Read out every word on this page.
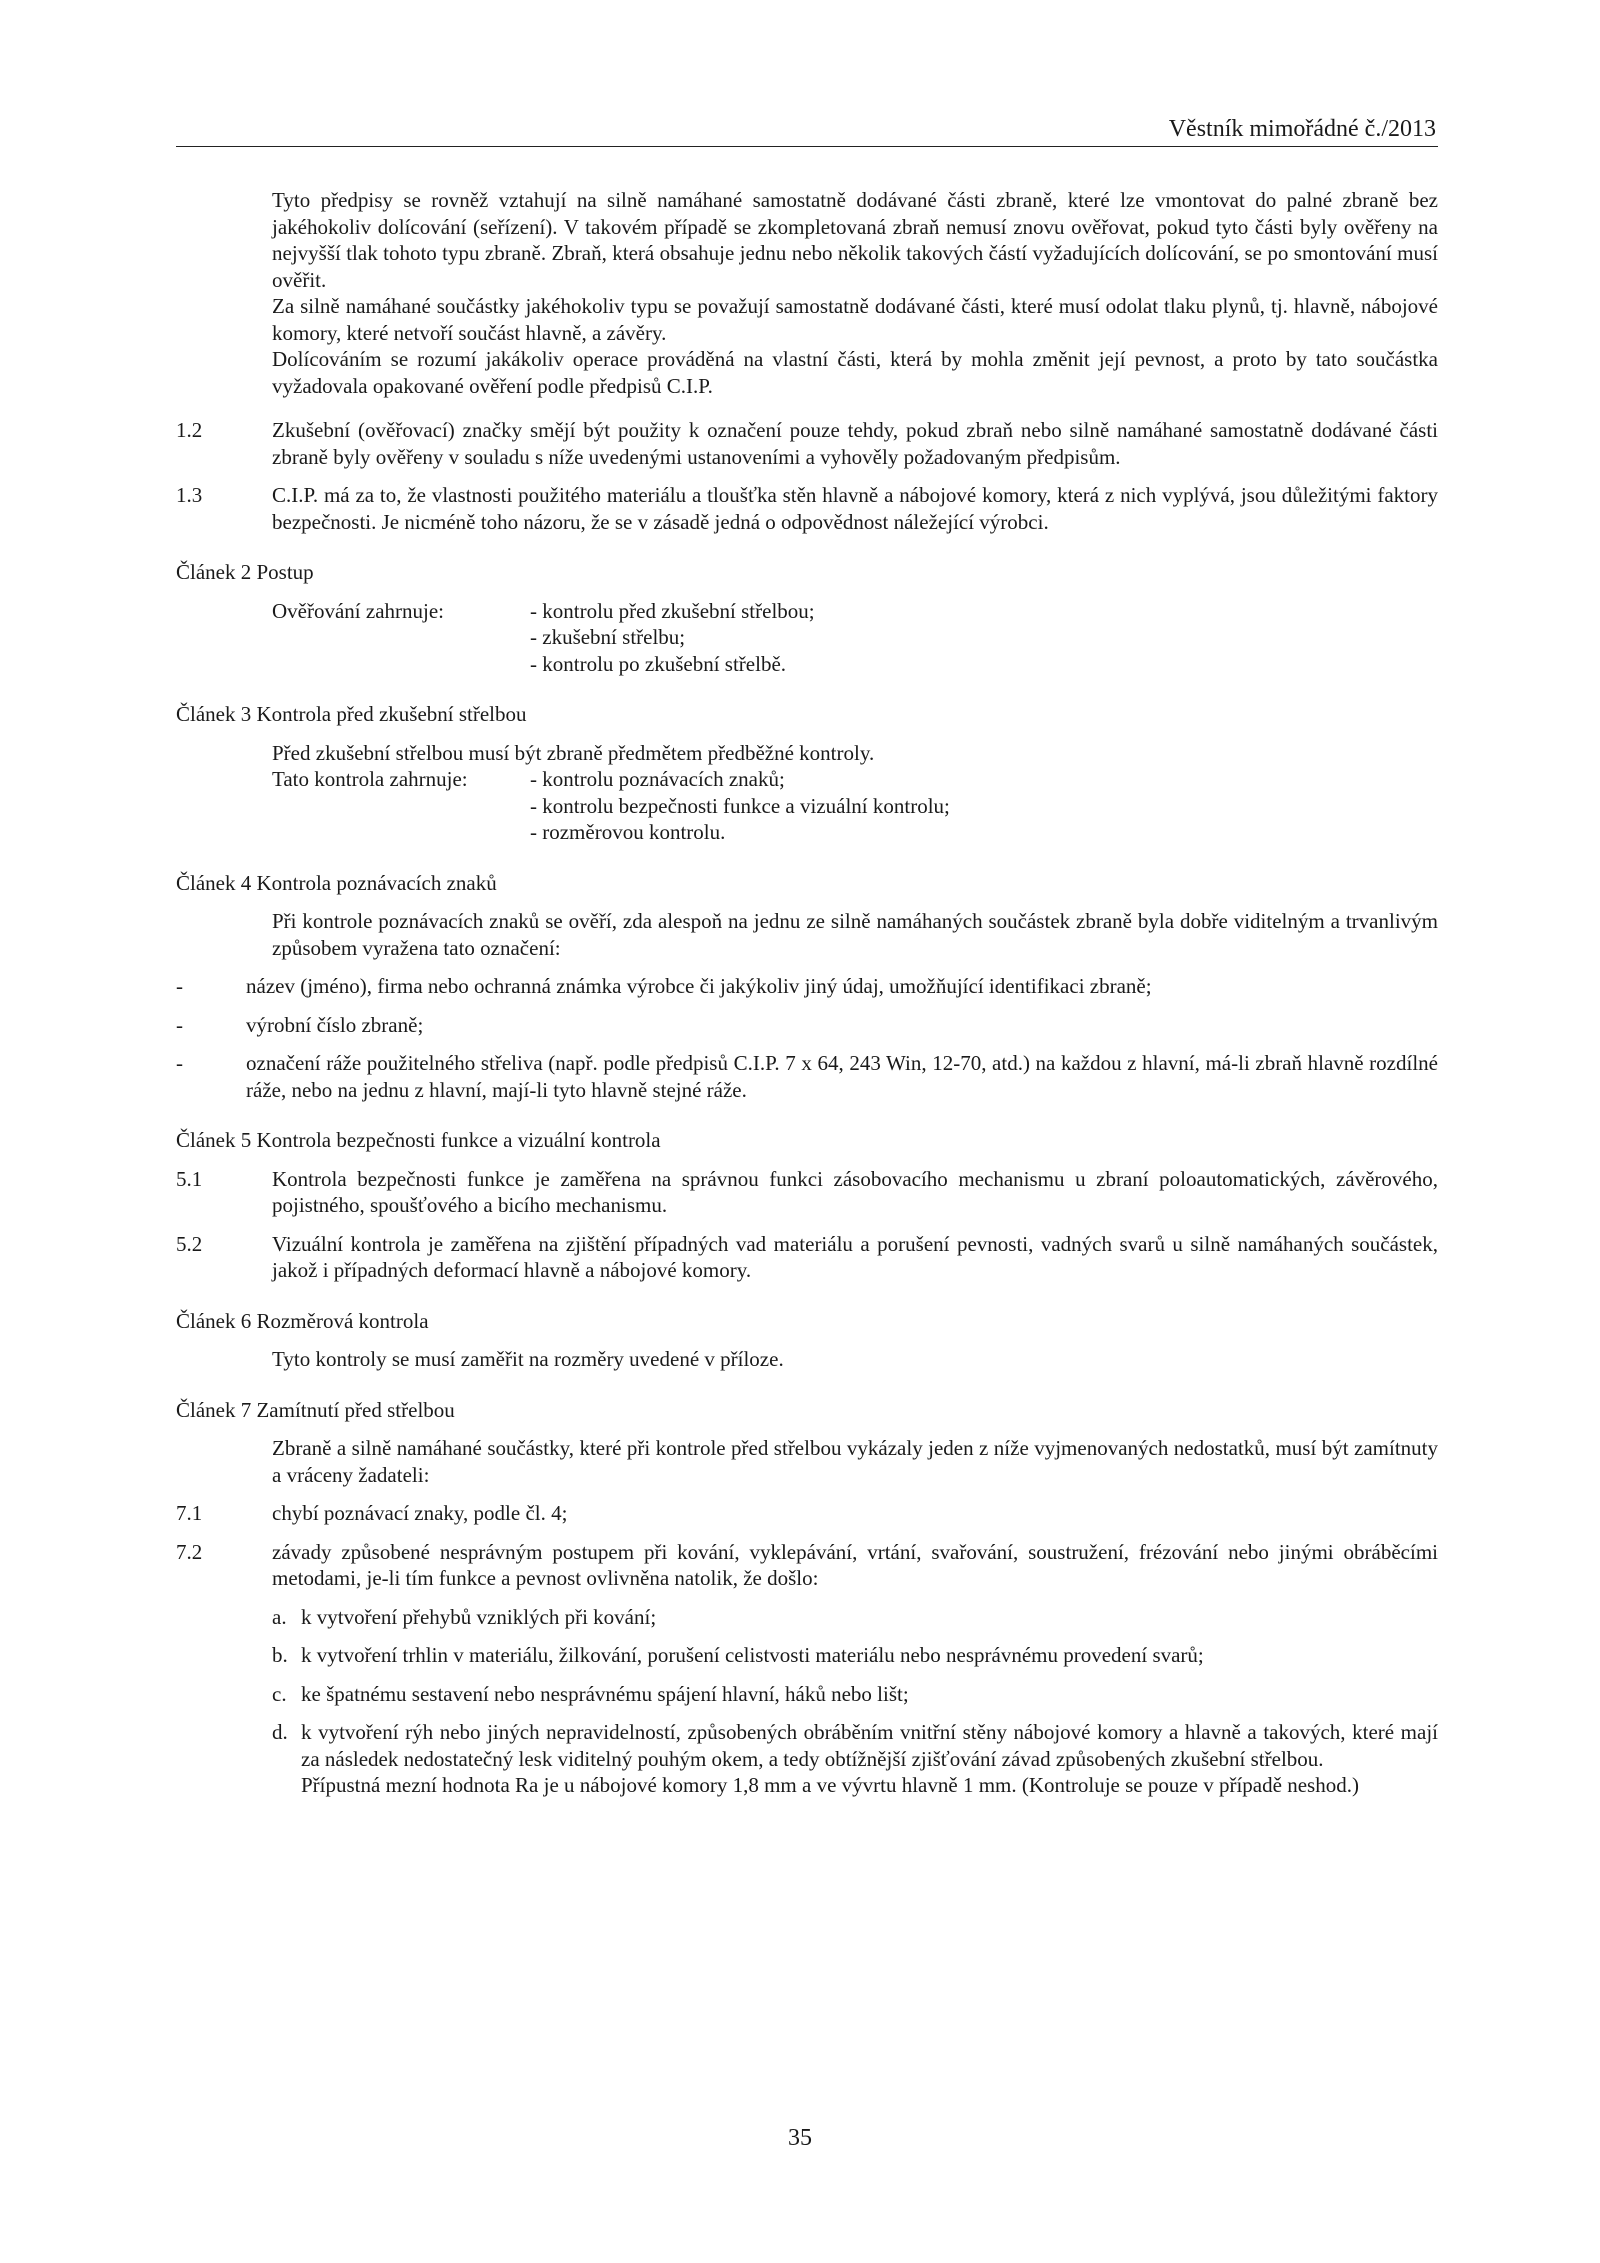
Věstník mimořádné č./2013
Tyto předpisy se rovněž vztahují na silně namáhané samostatně dodávané části zbraně, které lze vmontovat do palné zbraně bez jakéhokoliv dolícování (seřízení). V takovém případě se zkompletovaná zbraň nemusí znovu ověřovat, pokud tyto části byly ověřeny na nejvyšší tlak tohoto typu zbraně. Zbraň, která obsahuje jednu nebo několik takových částí vyžadujících dolícování, se po smontování musí ověřit.
Za silně namáhané součástky jakéhokoliv typu se považují samostatně dodávané části, které musí odolat tlaku plynů, tj. hlavně, nábojové komory, které netvoří součást hlavně, a závěry.
Dolícováním se rozumí jakákoliv operace prováděná na vlastní části, která by mohla změnit její pevnost, a proto by tato součástka vyžadovala opakované ověření podle předpisů C.I.P.
1.2	Zkušební (ověřovací) značky smějí být použity k označení pouze tehdy, pokud zbraň nebo silně namáhané samostatně dodávané části zbraně byly ověřeny v souladu s níže uvedenými ustanoveními a vyhověly požadovaným předpisům.
1.3	C.I.P. má za to, že vlastnosti použitého materiálu a tloušťka stěn hlavně a nábojové komory, která z nich vyplývá, jsou důležitými faktory bezpečnosti. Je nicméně toho názoru, že se v zásadě jedná o odpovědnost náležející výrobci.
Článek 2
Postup
Ověřování zahrnuje:	- kontrolu před zkušební střelbou;
- zkušební střelbu;
- kontrolu po zkušební střelbě.
Článek 3
Kontrola před zkušební střelbou
Před zkušební střelbou musí být zbraně předmětem předběžné kontroly.
Tato kontrola zahrnuje:	- kontrolu poznávacích znaků;
- kontrolu bezpečnosti funkce a vizuální kontrolu;
- rozměrovou kontrolu.
Článek 4
Kontrola poznávacích znaků
Při kontrole poznávacích znaků se ověří, zda alespoň na jednu ze silně namáhaných součástek zbraně byla dobře viditelným a trvanlivým způsobem vyražena tato označení:
-	název (jméno), firma nebo ochranná známka výrobce či jakýkoliv jiný údaj, umožňující identifikaci zbraně;
-	výrobní číslo zbraně;
-	označení ráže použitelného střeliva (např. podle předpisů C.I.P. 7 x 64, 243 Win, 12-70, atd.) na každou z hlavní, má-li zbraň hlavně rozdílné ráže, nebo na jednu z hlavní, mají-li tyto hlavně stejné ráže.
Článek 5
Kontrola bezpečnosti funkce a vizuální kontrola
5.1	Kontrola bezpečnosti funkce je zaměřena na správnou funkci zásobovacího mechanismu u zbraní poloautomatických, závěrového, pojistného, spoušťového a bicího mechanismu.
5.2	Vizuální kontrola je zaměřena na zjištění případných vad materiálu a porušení pevnosti, vadných svarů u silně namáhaných součástek, jakož i případných deformací hlavně a nábojové komory.
Článek 6
Rozměrová kontrola
Tyto kontroly se musí zaměřit na rozměry uvedené v příloze.
Článek 7
Zamítnutí před střelbou
Zbraně a silně namáhané součástky, které při kontrole před střelbou vykázaly jeden z níže vyjmenovaných nedostatků, musí být zamítnuty a vráceny žadateli:
7.1	chybí poznávací znaky, podle čl. 4;
7.2	závady způsobené nesprávným postupem při kování, vyklepávání, vrtání, svařování, soustružení, frézování nebo jinými obráběcími metodami, je-li tím funkce a pevnost ovlivněna natolik, že došlo:
a. k vytvoření přehybů vzniklých při kování;
b. k vytvoření trhlin v materiálu, žilkování, porušení celistvosti materiálu nebo nesprávnému provedení svarů;
c. ke špatnému sestavení nebo nesprávnému spájení hlavní, háků nebo lišt;
d. k vytvoření rýh nebo jiných nepravidelností, způsobených obráběním vnitřní stěny nábojové komory a hlavně a takových, které mají za následek nedostatečný lesk viditelný pouhým okem, a tedy obtížnější zjišťování závad způsobených zkušební střelbou.
Přípustná mezní hodnota Ra je u nábojové komory 1,8 mm a ve vývrtu hlavně 1 mm. (Kontroluje se pouze v případě neshod.)
35
